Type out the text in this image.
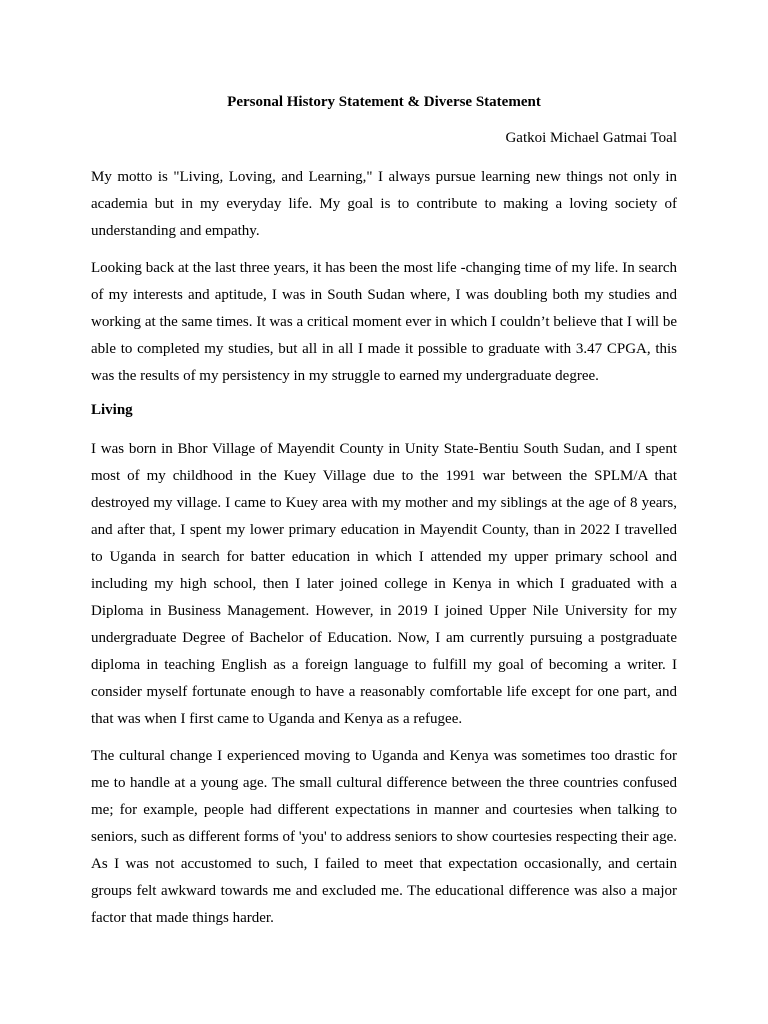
Personal History Statement & Diverse Statement
Gatkoi Michael Gatmai Toal

My motto is "Living, Loving, and Learning," I always pursue learning new things not only in academia but in my everyday life. My goal is to contribute to making a loving society of understanding and empathy.

Looking back at the last three years, it has been the most life -changing time of my life. In search of my interests and aptitude, I was in South Sudan where, I was doubling both my studies and working at the same times. It was a critical moment ever in which I couldn’t believe that I will be able to completed my studies, but all in all I made it possible to graduate with 3.47 CPGA, this was the results of my persistency in my struggle to earned my undergraduate degree.

Living

I was born in Bhor Village of Mayendit County in Unity State-Bentiu South Sudan, and I spent most of my childhood in the Kuey Village due to the 1991 war between the SPLM/A that destroyed my village. I came to Kuey area with my mother and my siblings at the age of 8 years, and after that, I spent my lower primary education in Mayendit County, than in 2022 I travelled to Uganda in search for batter education in which I attended my upper primary school and including my high school, then I later joined college in Kenya in which I graduated with a Diploma in Business Management. However, in 2019 I joined Upper Nile University for my undergraduate Degree of Bachelor of Education. Now, I am currently pursuing a postgraduate diploma in teaching English as a foreign language to fulfill my goal of becoming a writer. I consider myself fortunate enough to have a reasonably comfortable life except for one part, and that was when I first came to Uganda and Kenya as a refugee.

The cultural change I experienced moving to Uganda and Kenya was sometimes too drastic for me to handle at a young age. The small cultural difference between the three countries confused me; for example, people had different expectations in manner and courtesies when talking to seniors, such as different forms of 'you' to address seniors to show courtesies respecting their age. As I was not accustomed to such, I failed to meet that expectation occasionally, and certain groups felt awkward towards me and excluded me. The educational difference was also a major factor that made things harder.
